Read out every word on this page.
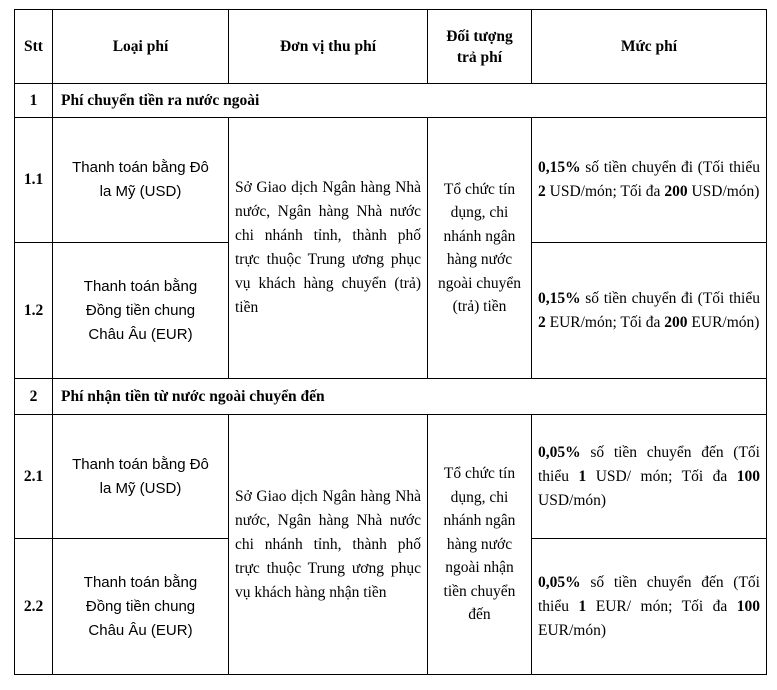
Stt	Loại phí	Đơn vị thu phí	Đối tượng trả phí	Mức phí
1	Phí chuyển tiền ra nước ngoài			
1.1	Thanh toán bằng Đô la Mỹ (USD)	Sở Giao dịch Ngân hàng Nhà nước, Ngân hàng Nhà nước chi nhánh tỉnh, thành phố trực thuộc Trung ương phục vụ khách hàng chuyển (trả) tiền	Tổ chức tín dụng, chi nhánh ngân hàng nước ngoài chuyển (trả) tiền	0,15% số tiền chuyển đi (Tối thiểu 2 USD/món; Tối đa 200 USD/món)
1.2	Thanh toán bằng Đồng tiền chung Châu Âu (EUR)			0,15% số tiền chuyển đi (Tối thiểu 2 EUR/món; Tối đa 200 EUR/món)
2	Phí nhận tiền từ nước ngoài chuyển đến			
2.1	Thanh toán bằng Đô la Mỹ (USD)	Sở Giao dịch Ngân hàng Nhà nước, Ngân hàng Nhà nước chi nhánh tỉnh, thành phố trực thuộc Trung ương phục vụ khách hàng nhận tiền	Tổ chức tín dụng, chi nhánh ngân hàng nước ngoài nhận tiền chuyển đến	0,05% số tiền chuyển đến (Tối thiểu 1 USD/ món; Tối đa 100 USD/món)
2.2	Thanh toán bằng Đồng tiền chung Châu Âu (EUR)			0,05% số tiền chuyển đến (Tối thiểu 1 EUR/ món; Tối đa 100 EUR/món)
